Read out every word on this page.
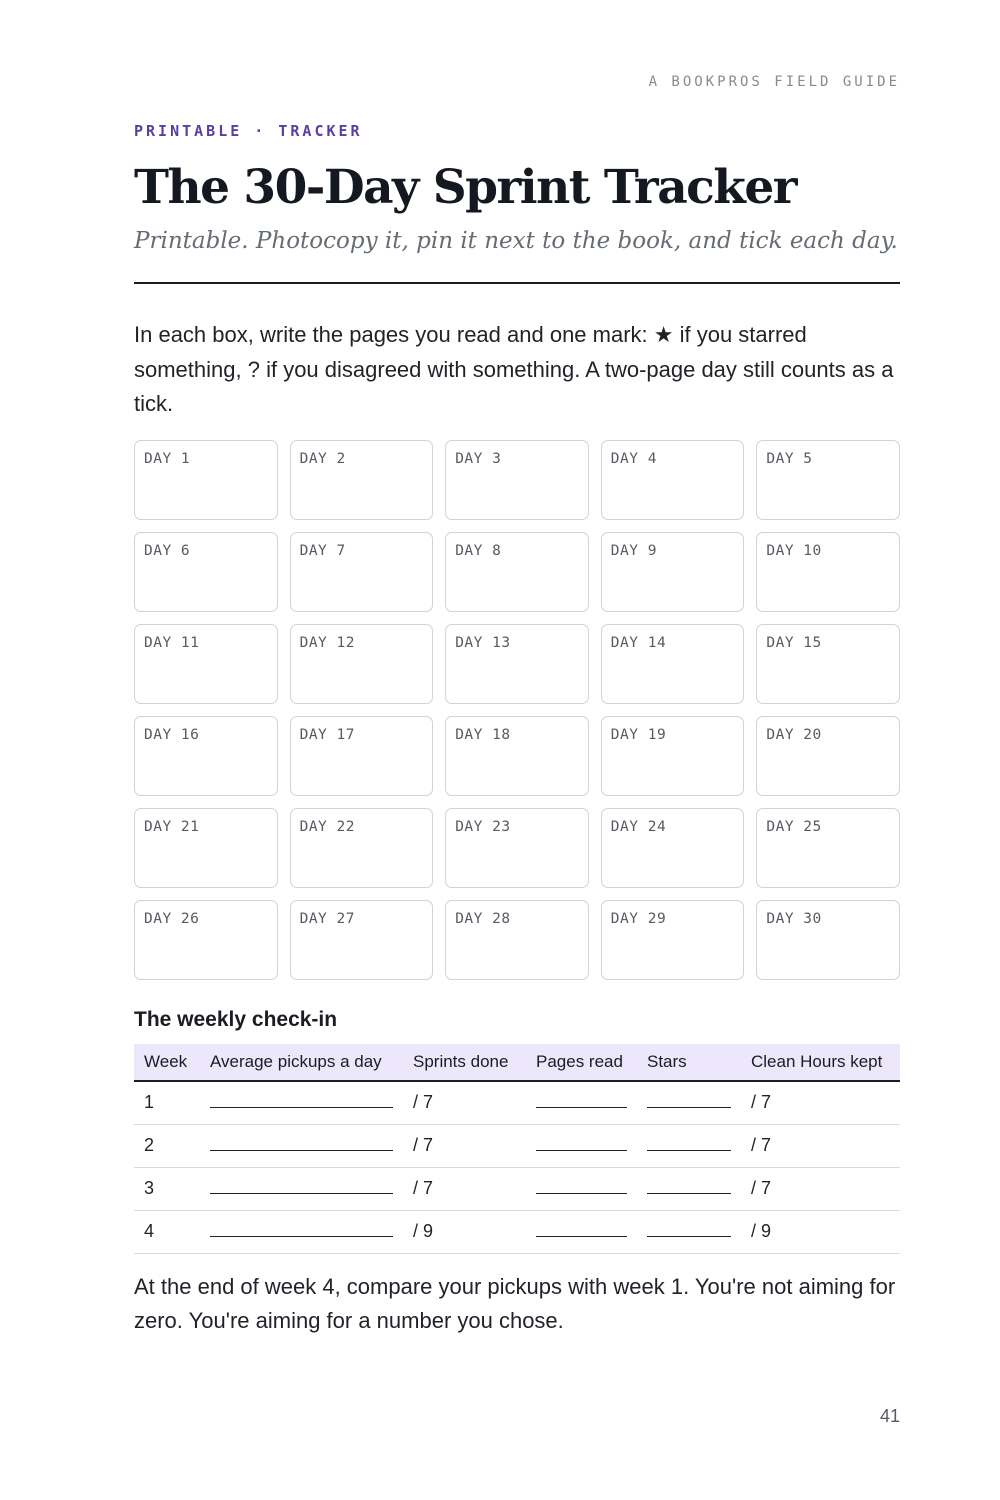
A BOOKPROS FIELD GUIDE
PRINTABLE · TRACKER
The 30-Day Sprint Tracker
Printable. Photocopy it, pin it next to the book, and tick each day.

In each box, write the pages you read and one mark: ★ if you starred something, ? if you disagreed with something. A two-page day still counts as a tick.

DAY 1	DAY 2	DAY 3	DAY 4	DAY 5
DAY 6	DAY 7	DAY 8	DAY 9	DAY 10
DAY 11	DAY 12	DAY 13	DAY 14	DAY 15
DAY 16	DAY 17	DAY 18	DAY 19	DAY 20
DAY 21	DAY 22	DAY 23	DAY 24	DAY 25
DAY 26	DAY 27	DAY 28	DAY 29	DAY 30
The weekly check-in
Week	Average pickups a day	Sprints done	Pages read	Stars	Clean Hours kept
1		/ 7			/ 7
2		/ 7			/ 7
3		/ 7			/ 7
4		/ 9			/ 9

At the end of week 4, compare your pickups with week 1. You're not aiming for zero. You're aiming for a number you chose.

41
